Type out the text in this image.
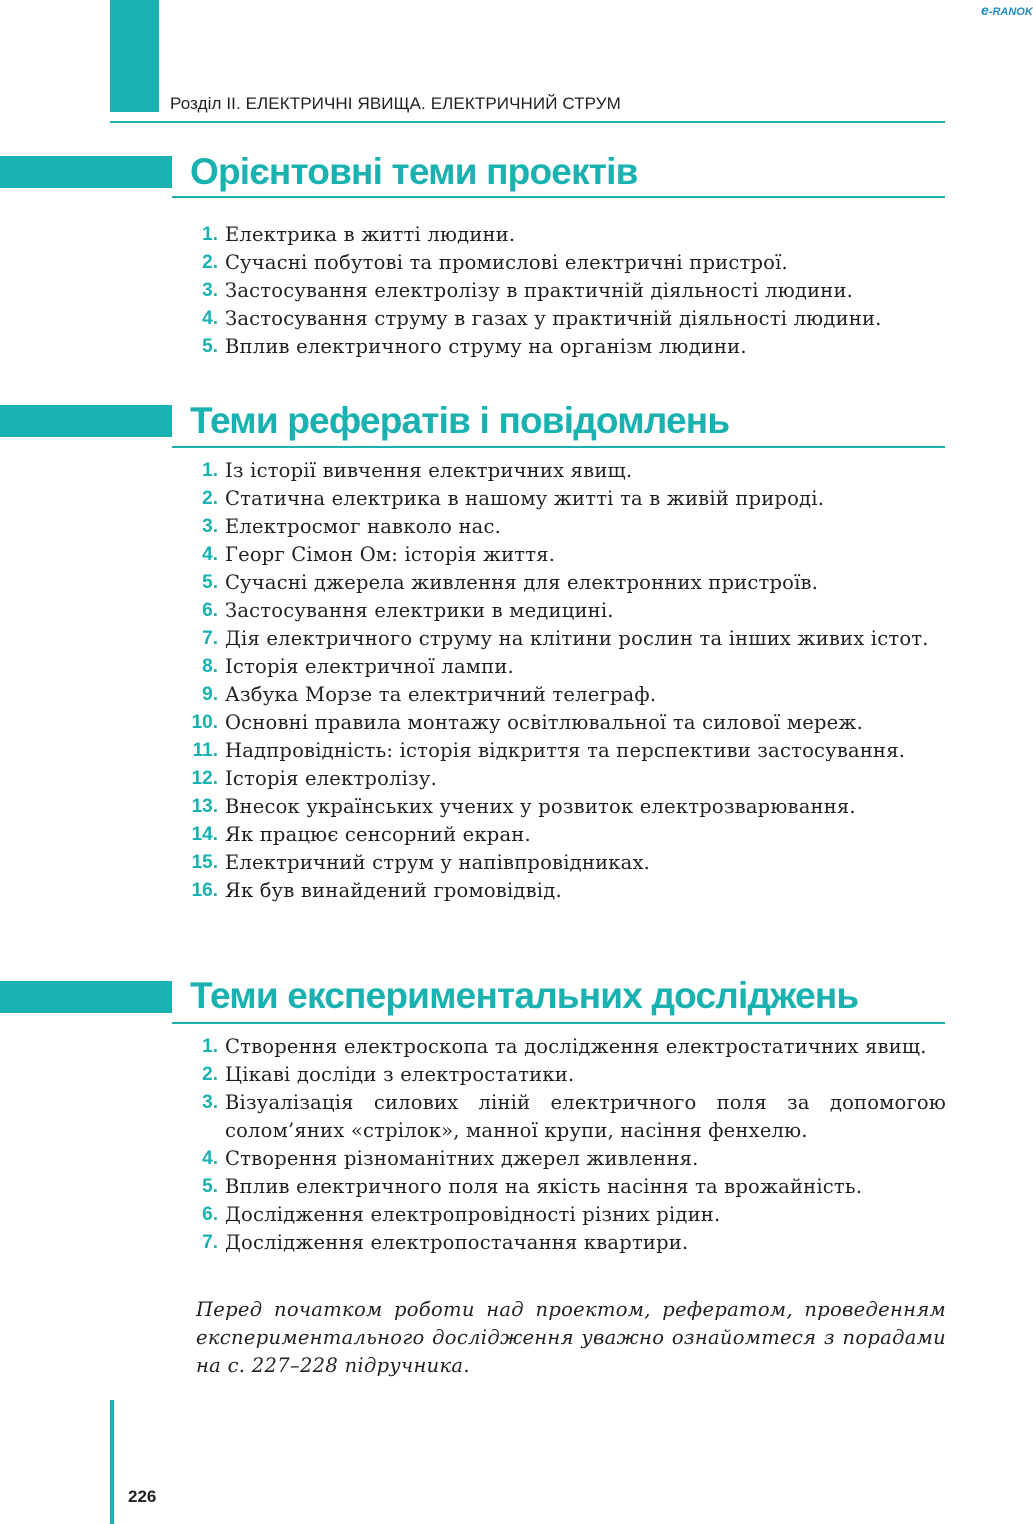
Розділ II. ЕЛЕКТРИЧНІ ЯВИЩА. ЕЛЕКТРИЧНИЙ СТРУМ
e-RANOK
Орієнтовні теми проектів
1. Електрика в житті людини.
2. Сучасні побутові та промислові електричні пристрої.
3. Застосування електролізу в практичній діяльності людини.
4. Застосування струму в газах у практичній діяльності людини.
5. Вплив електричного струму на організм людини.
Теми рефератів і повідомлень
1. Із історії вивчення електричних явищ.
2. Статична електрика в нашому житті та в живій природі.
3. Електросмог навколо нас.
4. Георг Сімон Ом: історія життя.
5. Сучасні джерела живлення для електронних пристроїв.
6. Застосування електрики в медицині.
7. Дія електричного струму на клітини рослин та інших живих істот.
8. Історія електричної лампи.
9. Азбука Морзе та електричний телеграф.
10. Основні правила монтажу освітлювальної та силової мереж.
11. Надпровідність: історія відкриття та перспективи застосування.
12. Історія електролізу.
13. Внесок українських учених у розвиток електрозварювання.
14. Як працює сенсорний екран.
15. Електричний струм у напівпровідниках.
16. Як був винайдений громовідвід.
Теми експериментальних досліджень
1. Створення електроскопа та дослідження електростатичних явищ.
2. Цікаві досліди з електростатики.
3. Візуалізація силових ліній електричного поля за допомогою солом’яних «стрілок», манної крупи, насіння фенхелю.
4. Створення різноманітних джерел живлення.
5. Вплив електричного поля на якість насіння та врожайність.
6. Дослідження електропровідності різних рідин.
7. Дослідження електропостачання квартири.

Перед початком роботи над проектом, рефератом, проведенням експериментального дослідження уважно ознайомтеся з порадами на с. 227–228 підручника.

226
